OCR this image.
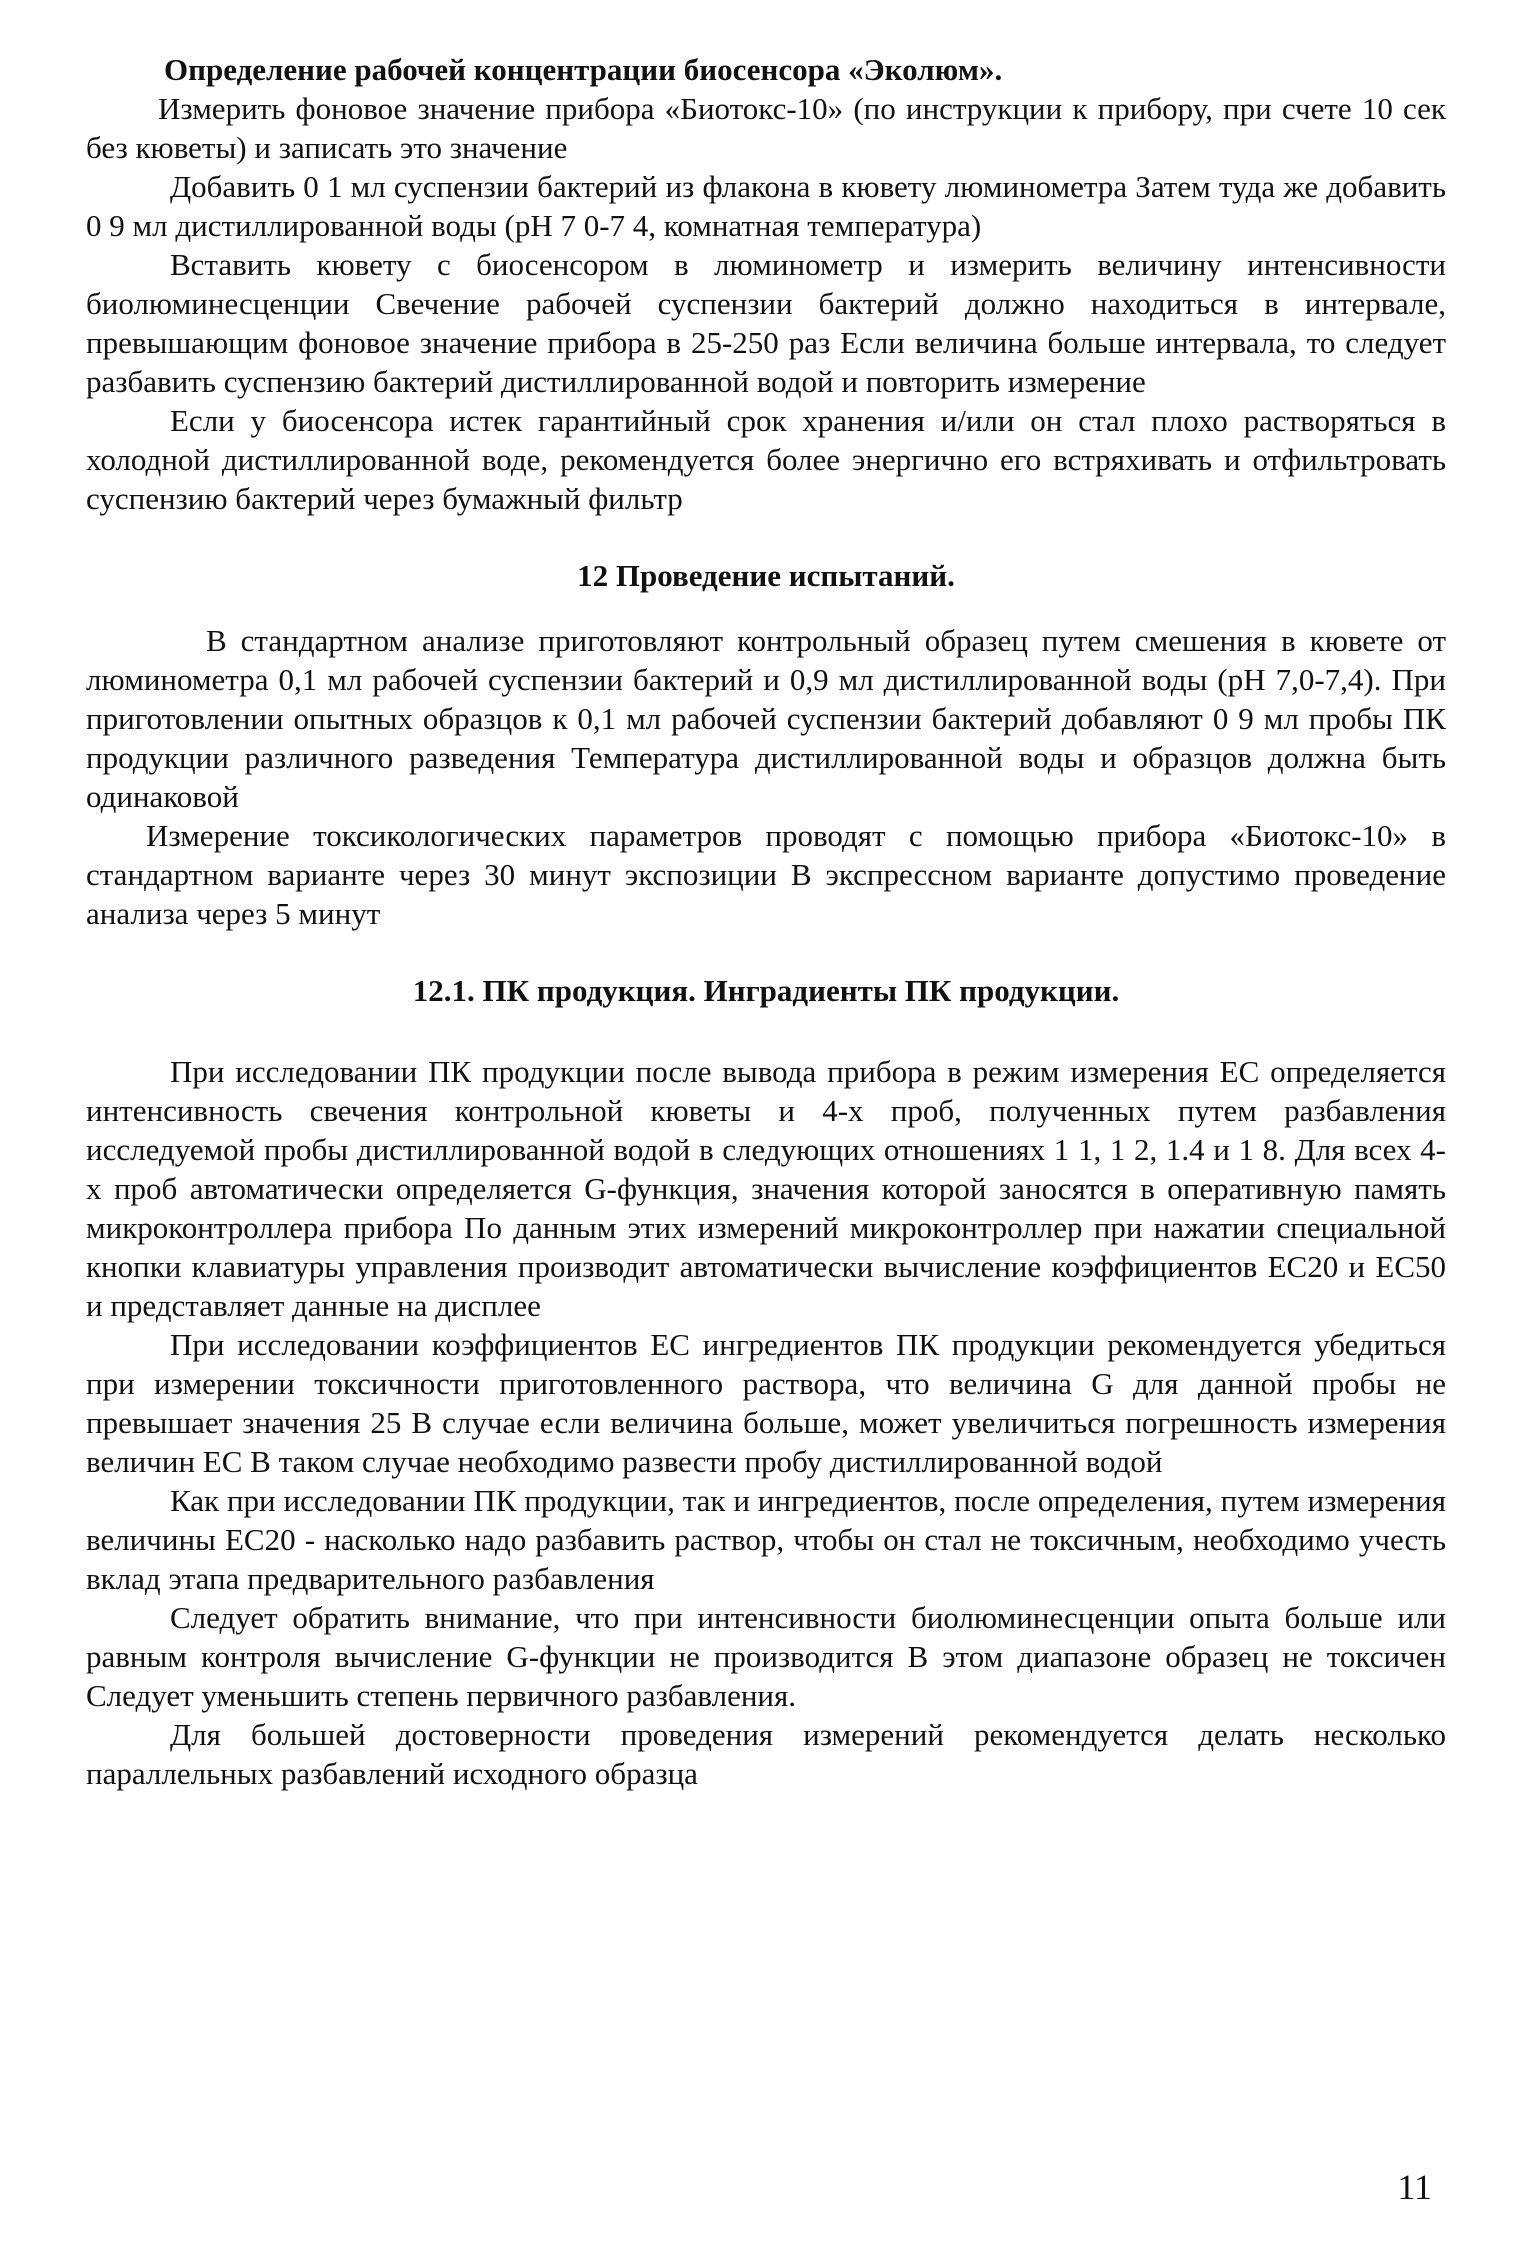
Определение рабочей концентрации биосенсора «Эколюм».

Измерить фоновое значение прибора «Биотокс-10» (по инструкции к прибору, при счете 10 сек без кюветы) и записать это значение

Добавить 0 1 мл суспензии бактерий из флакона в кювету люминометра Затем туда же добавить 0 9 мл дистиллированной воды (рН 7 0-7 4, комнатная температура)

Вставить кювету с биосенсором в люминометр и измерить величину интенсивности биолюминесценции Свечение рабочей суспензии бактерий должно находиться в интервале, превышающим фоновое значение прибора в 25-250 раз Если величина больше интервала, то следует разбавить суспензию бактерий дистиллированной водой и повторить измерение

Если у биосенсора истек гарантийный срок хранения и/или он стал плохо растворяться в холодной дистиллированной воде, рекомендуется более энергично его встряхивать и отфильтровать суспензию бактерий через бумажный фильтр

12 Проведение испытаний.

В стандартном анализе приготовляют контрольный образец путем смешения в кювете от люминометра 0,1 мл рабочей суспензии бактерий и 0,9 мл дистиллированной воды (рН 7,0-7,4). При приготовлении опытных образцов к 0,1 мл рабочей суспензии бактерий добавляют 0 9 мл пробы ПК продукции различного разведения Температура дистиллированной воды и образцов должна быть одинаковой

Измерение токсикологических параметров проводят с помощью прибора «Биотокс-10» в стандартном варианте через 30 минут экспозиции В экспрессном варианте допустимо проведение анализа через 5 минут

12.1. ПК продукция. Инградиенты ПК продукции.

При исследовании ПК продукции после вывода прибора в режим измерения ЕС определяется интенсивность свечения контрольной кюветы и 4-х проб, полученных путем разбавления исследуемой пробы дистиллированной водой в следующих отношениях 1 1, 1 2, 1.4 и 1 8. Для всех 4-х проб автоматически определяется G-функция, значения которой заносятся в оперативную память микроконтроллера прибора По данным этих измерений микроконтроллер при нажатии специальной кнопки клавиатуры управления производит автоматически вычисление коэффициентов ЕС20 и ЕС50 и представляет данные на дисплее

При исследовании коэффициентов ЕС ингредиентов ПК продукции рекомендуется убедиться при измерении токсичности приготовленного раствора, что величина G для данной пробы не превышает значения 25 В случае если величина больше, может увеличиться погрешность измерения величин ЕС В таком случае необходимо развести пробу дистиллированной водой

Как при исследовании ПК продукции, так и ингредиентов, после определения, путем измерения величины ЕС20 - насколько надо разбавить раствор, чтобы он стал не токсичным, необходимо учесть вклад этапа предварительного разбавления

Следует обратить внимание, что при интенсивности биолюминесценции опыта больше или равным контроля вычисление G-функции не производится В этом диапазоне образец не токсичен Следует уменьшить степень первичного разбавления.

Для большей достоверности проведения измерений рекомендуется делать несколько параллельных разбавлений исходного образца

11
